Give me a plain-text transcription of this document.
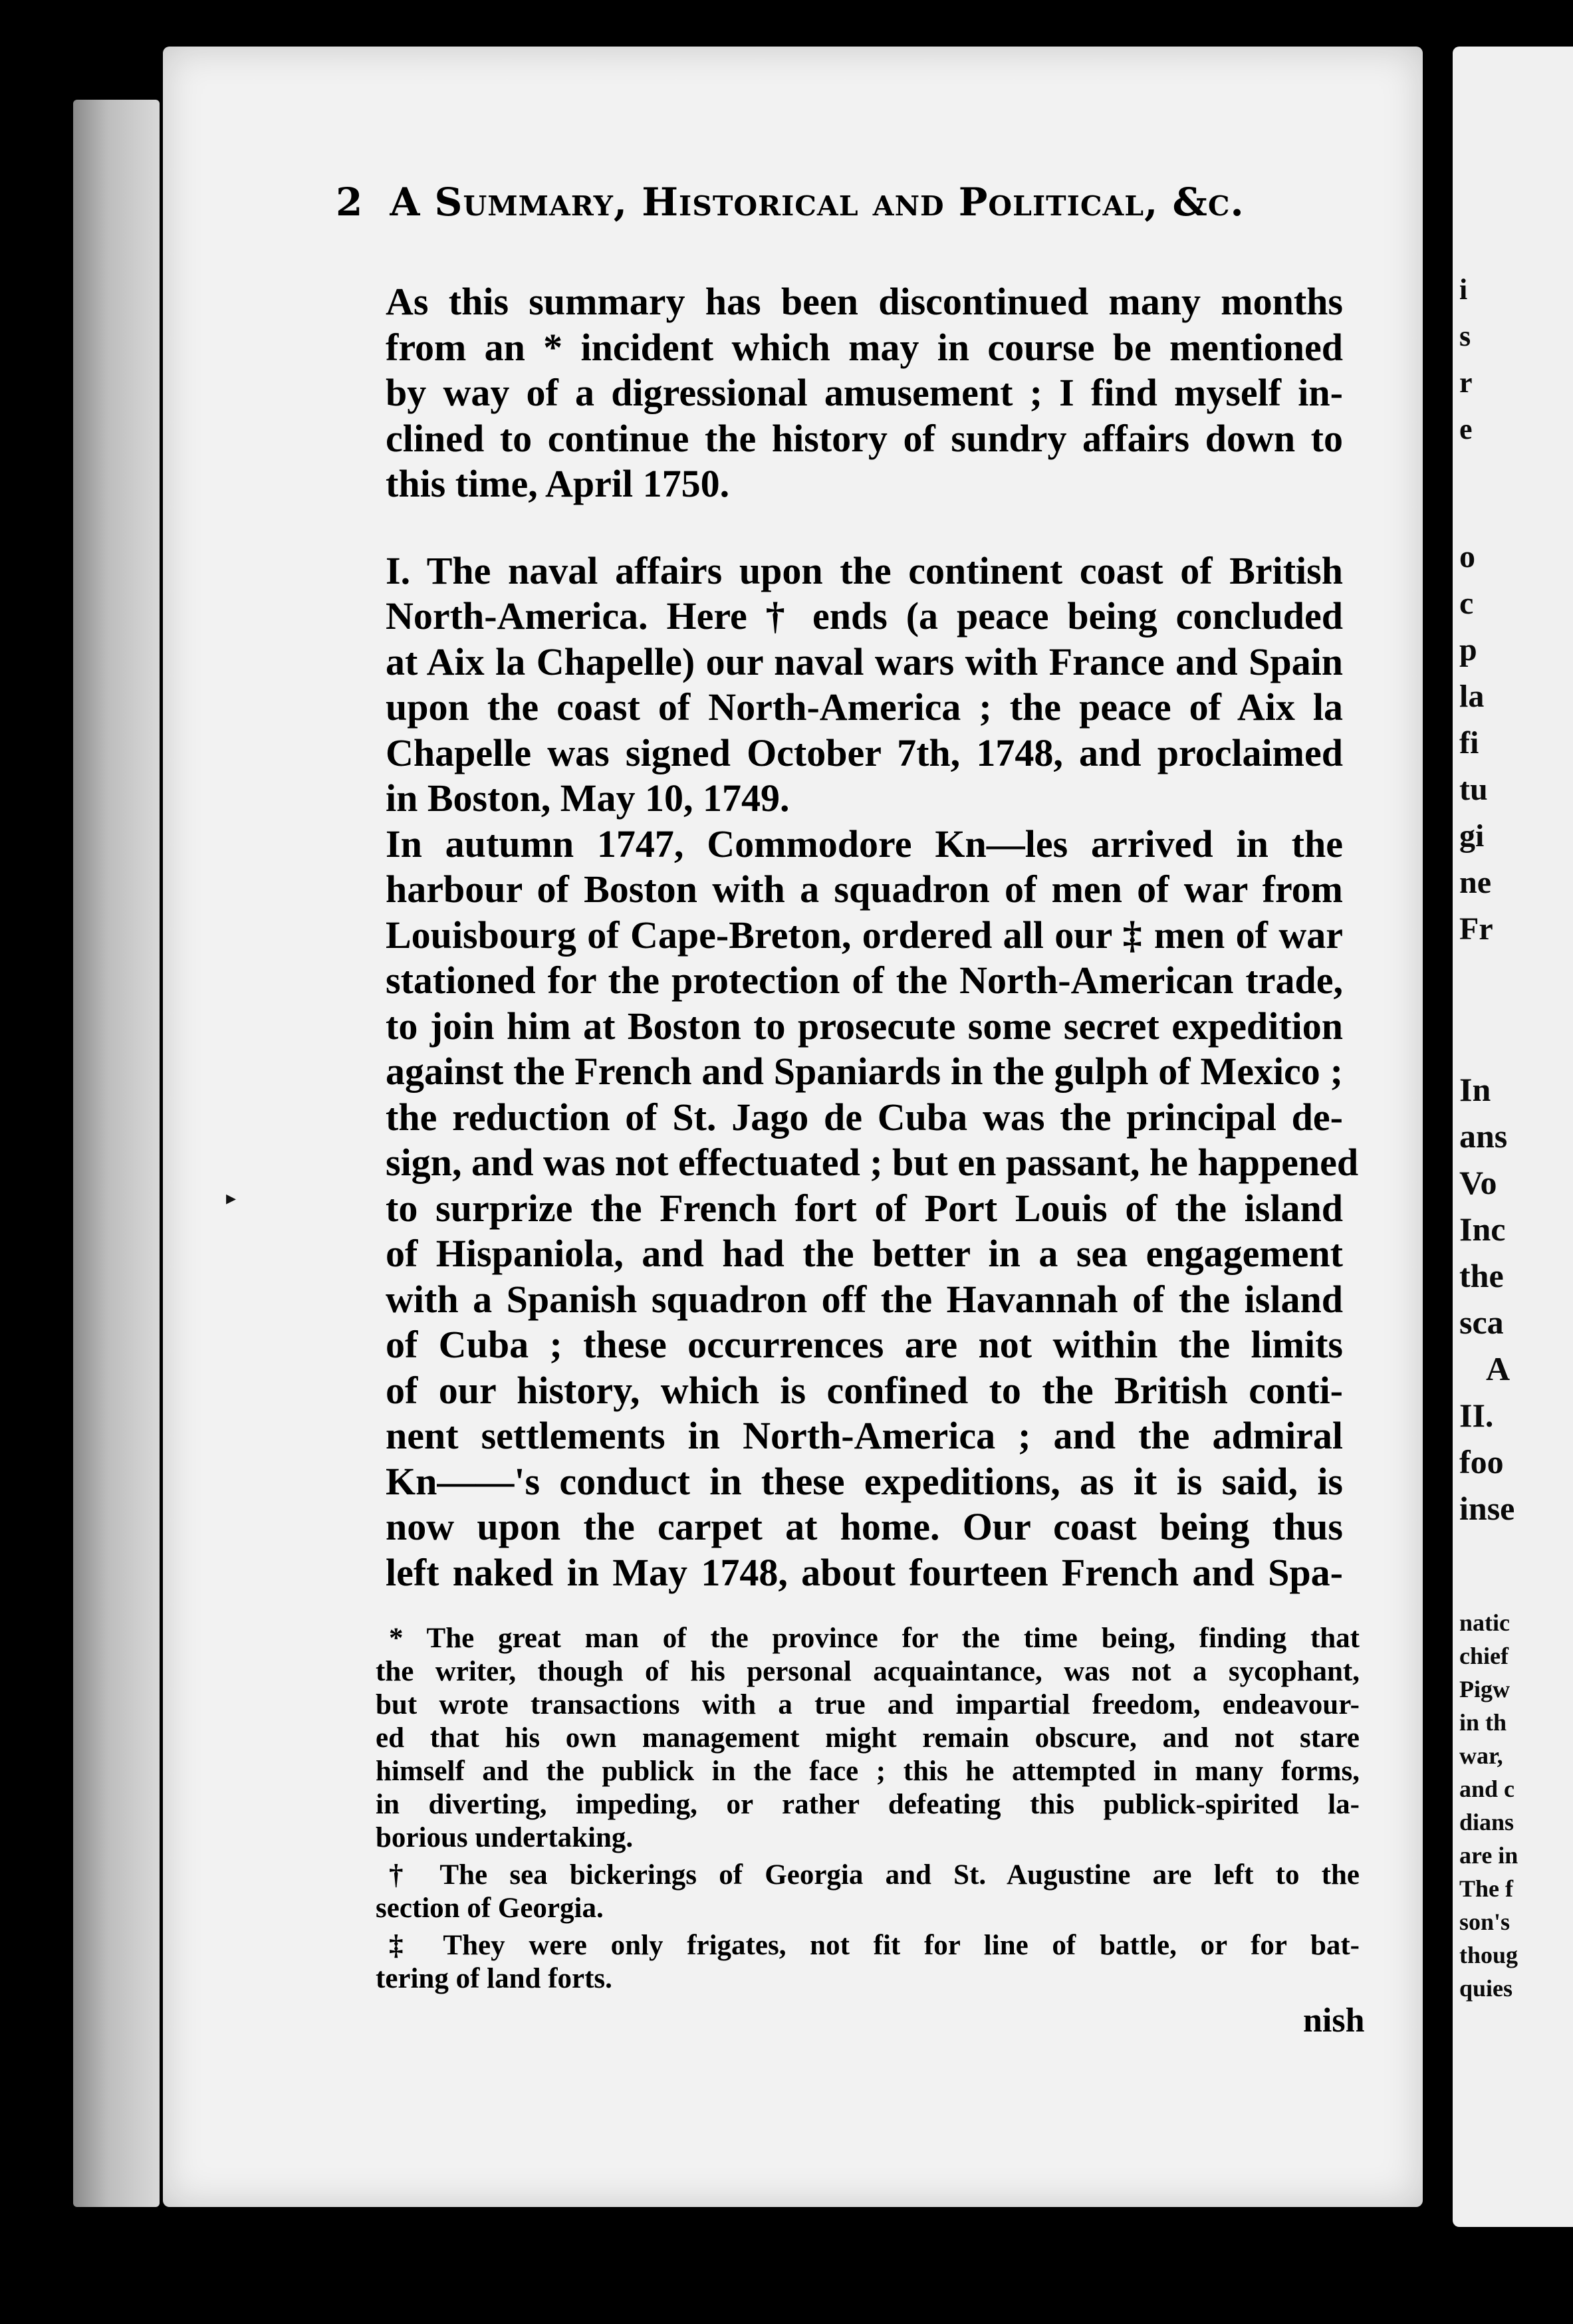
2 A Summary, Historical and Political, &c.

As this summary has been discontinued many months
from an * incident which may in course be mentioned
by way of a digressional amusement ; I find myself in-
clined to continue the history of sundry affairs down to
this time, April 1750.

I. The naval affairs upon the continent coast of British
North-America. Here † ends (a peace being concluded
at Aix la Chapelle) our naval wars with France and Spain
upon the coast of North-America ; the peace of Aix la
Chapelle was signed October 7th, 1748, and proclaimed
in Boston, May 10, 1749.

In autumn 1747, Commodore Kn—les arrived in the
harbour of Boston with a squadron of men of war from
Louisbourg of Cape-Breton, ordered all our ‡ men of war
stationed for the protection of the North-American trade,
to join him at Boston to prosecute some secret expedition
against the French and Spaniards in the gulph of Mexico ;
the reduction of St. Jago de Cuba was the principal de-
sign, and was not effectuated ; but en passant, he happened
to surprize the French fort of Port Louis of the island
of Hispaniola, and had the better in a sea engagement
with a Spanish squadron off the Havannah of the island
of Cuba ; these occurrences are not within the limits
of our history, which is confined to the British conti-
nent settlements in North-America ; and the admiral
Kn——'s conduct in these expeditions, as it is said, is
now upon the carpet at home. Our coast being thus
left naked in May 1748, about fourteen French and Spa-

* The great man of the province for the time being, finding that
the writer, though of his personal acquaintance, was not a sycophant,
but wrote transactions with a true and impartial freedom, endeavour-
ed that his own management might remain obscure, and not stare
himself and the publick in the face ; this he attempted in many forms,
in diverting, impeding, or rather defeating this publick-spirited la-
borious undertaking.
† The sea bickerings of Georgia and St. Augustine are left to the
section of Georgia.
‡ They were only frigates, not fit for line of battle, or for bat-
tering of land forts.
nish
▸
i
s
r
e
o
c
p
la
fi
tu
gi
ne
Fr
In
ans
Vo
Inc
the
sca
A
II.
foo
inse
natic
chief
Pigw
in th
war,
and c
dians
are in
The f
son's
thoug
quies
